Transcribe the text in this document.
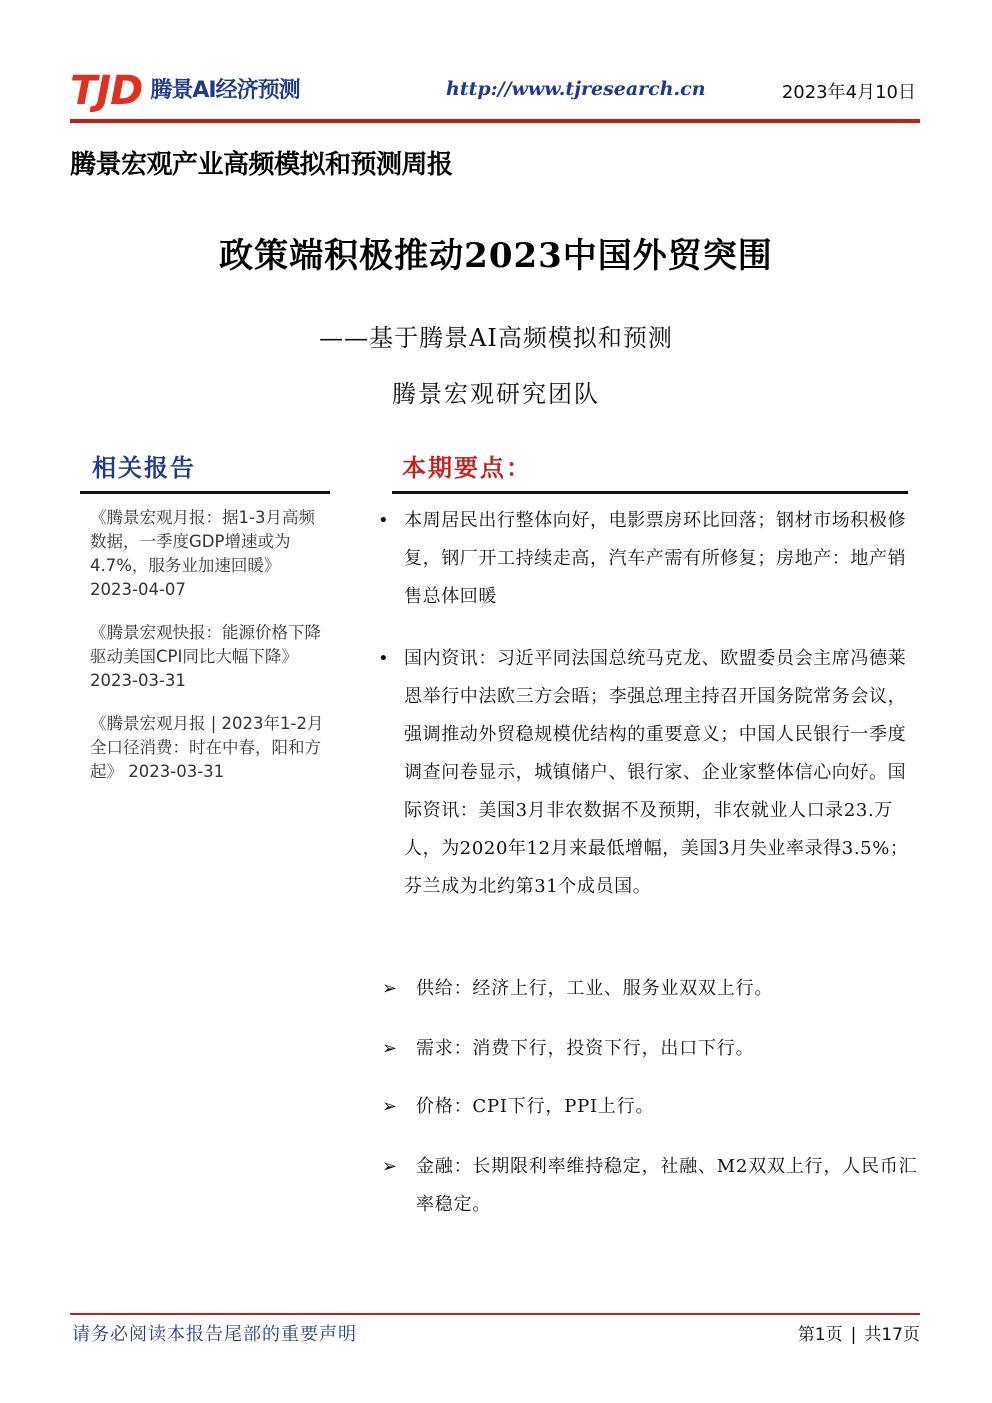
TJD 腾景AI经济预测	http://www.tjresearch.cn	2023年4月10日
腾景宏观产业高频模拟和预测周报
政策端积极推动2023中国外贸突围
——基于腾景AI高频模拟和预测
腾景宏观研究团队
相关报告
《腾景宏观月报：据1-3月高频数据，一季度GDP增速或为4.7%，服务业加速回暖》
2023-04-07
《腾景宏观快报：能源价格下降驱动美国CPI同比大幅下降》
2023-03-31
《腾景宏观月报 | 2023年1-2月全口径消费：时在中春，阳和方起》 2023-03-31
本期要点：
• 本周居民出行整体向好，电影票房环比回落；钢材市场积极修复，钢厂开工持续走高，汽车产需有所修复；房地产：地产销售总体回暖
• 国内资讯：习近平同法国总统马克龙、欧盟委员会主席冯德莱恩举行中法欧三方会晤；李强总理主持召开国务院常务会议，强调推动外贸稳规模优结构的重要意义；中国人民银行一季度调查问卷显示，城镇储户、银行家、企业家整体信心向好。国际资讯：美国3月非农数据不及预期，非农就业人口录23.万人，为2020年12月来最低增幅，美国3月失业率录得3.5%；芬兰成为北约第31个成员国。
➢	供给：经济上行，工业、服务业双双上行。
➢	需求：消费下行，投资下行，出口下行。
➢	价格：CPI下行，PPI上行。
➢	金融：长期限利率维持稳定，社融、M2双双上行，人民币汇率稳定。
请务必阅读本报告尾部的重要声明	第1页 | 共17页
